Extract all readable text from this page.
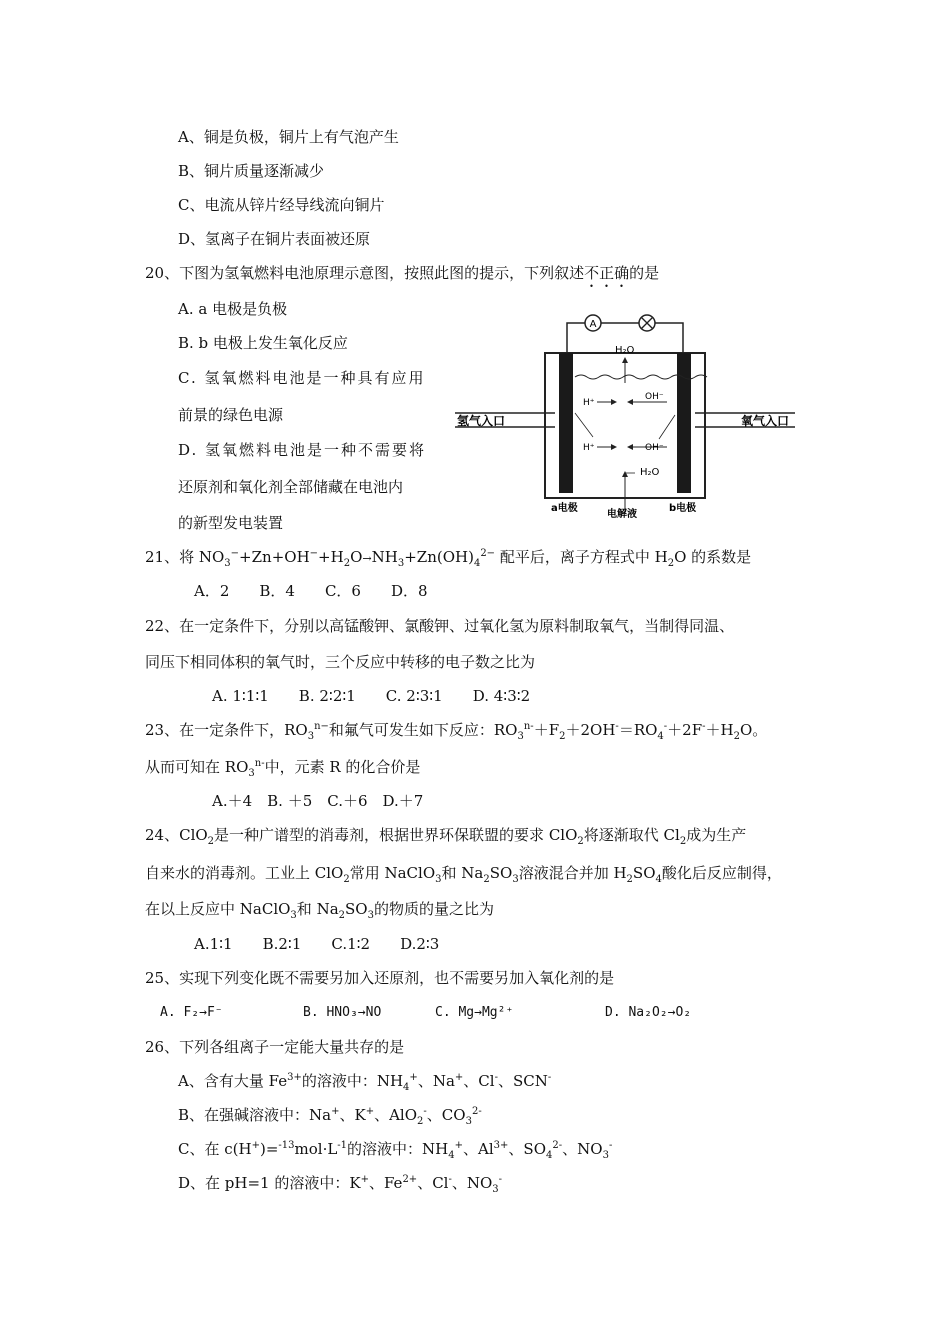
A、铜是负极，铜片上有气泡产生
B、铜片质量逐渐减少
C、电流从锌片经导线流向铜片
D、氢离子在铜片表面被还原
20、下图为氢氧燃料电池原理示意图，按照此图的提示，下列叙述不正确的是
A. a 电极是负极
B. b 电极上发生氧化反应
C. 氢氧燃料电池是一种具有应用
前景的绿色电源
D. 氢氧燃料电池是一种不需要将
还原剂和氧化剂全部储藏在电池内
的新型发电装置
A
H₂O
H⁺
OH⁻
H⁺	OH⁻
H₂O
氢气入口	氧气入口
a电极
电解液
b电极
21、将 $NO_3^-+Zn+OH^-+H_2O\to NH_3+Zn(OH)_4^{2-}$ 配平后，离子方程式中 $H_2O$ 的系数是
A．2　　B．4　　C．6　　D．8
22、在一定条件下，分别以高锰酸钾、氯酸钾、过氧化氢为原料制取氧气，当制得同温、
同压下相同体积的氧气时，三个反应中转移的电子数之比为
A. 1∶1∶1　　B. 2∶2∶1　　C. 2∶3∶1　　D. 4∶3∶2
23、在一定条件下，$RO_3^{n-}$和氟气可发生如下反应：$RO_3^{n-}+F_2+2OH^-=RO_4^-+2F^-+H_2O$。
从而可知在 $RO_3^{n-}$中，元素 R 的化合价是
A.＋4　B. ＋5　C.＋6　D.＋7
24、ClO$_2$是一种广谱型的消毒剂，根据世界环保联盟的要求 ClO$_2$将逐渐取代 $Cl_2$成为生产
自来水的消毒剂。工业上 ClO$_2$常用 NaClO$_3$和 $Na_2SO_3$溶液混合并加 $H_2SO_4$酸化后反应制得，
在以上反应中 NaClO$_3$和 $Na_2SO_3$的物质的量之比为
A.1∶1　　B.2∶1　　C.1∶2　　D.2∶3
25、实现下列变化既不需要另加入还原剂，也不需要另加入氧化剂的是
A. F₂→F⁻	B. HNO₃→NO	C. Mg→Mg²⁺	D. Na₂O₂→O₂
26、下列各组离子一定能大量共存的是
A、含有大量 $Fe^{3+}$的溶液中：$NH_4^+$、Na+、Cl-、SCN-
B、在强碱溶液中：Na+、K+、AlO$_2$-、$CO_3^{2-}$
C、在 $c(H^+)=^{-13}mol\cdot L^{-1}$的溶液中：$NH_4^+$、$Al^{3+}$、$SO_4^{2-}$、$NO_3^-$
D、在 pH=1 的溶液中：K+、$Fe^{2+}$、Cl-、$NO_3^-$
